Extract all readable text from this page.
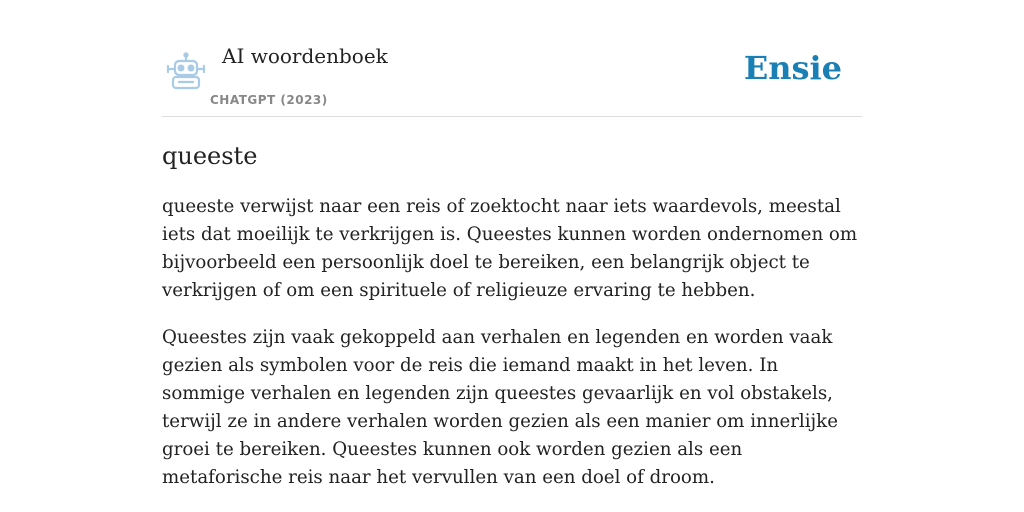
AI woordenboek
CHATGPT (2023)
Ensie
queeste

queeste verwijst naar een reis of zoektocht naar iets waardevols, meestal iets dat moeilijk te verkrijgen is. Queestes kunnen worden ondernomen om bijvoorbeeld een persoonlijk doel te bereiken, een belangrijk object te verkrijgen of om een spirituele of religieuze ervaring te hebben.

Queestes zijn vaak gekoppeld aan verhalen en legenden en worden vaak gezien als symbolen voor de reis die iemand maakt in het leven. In sommige verhalen en legenden zijn queestes gevaarlijk en vol obstakels, terwijl ze in andere verhalen worden gezien als een manier om innerlijke groei te bereiken. Queestes kunnen ook worden gezien als een metaforische reis naar het vervullen van een doel of droom.
